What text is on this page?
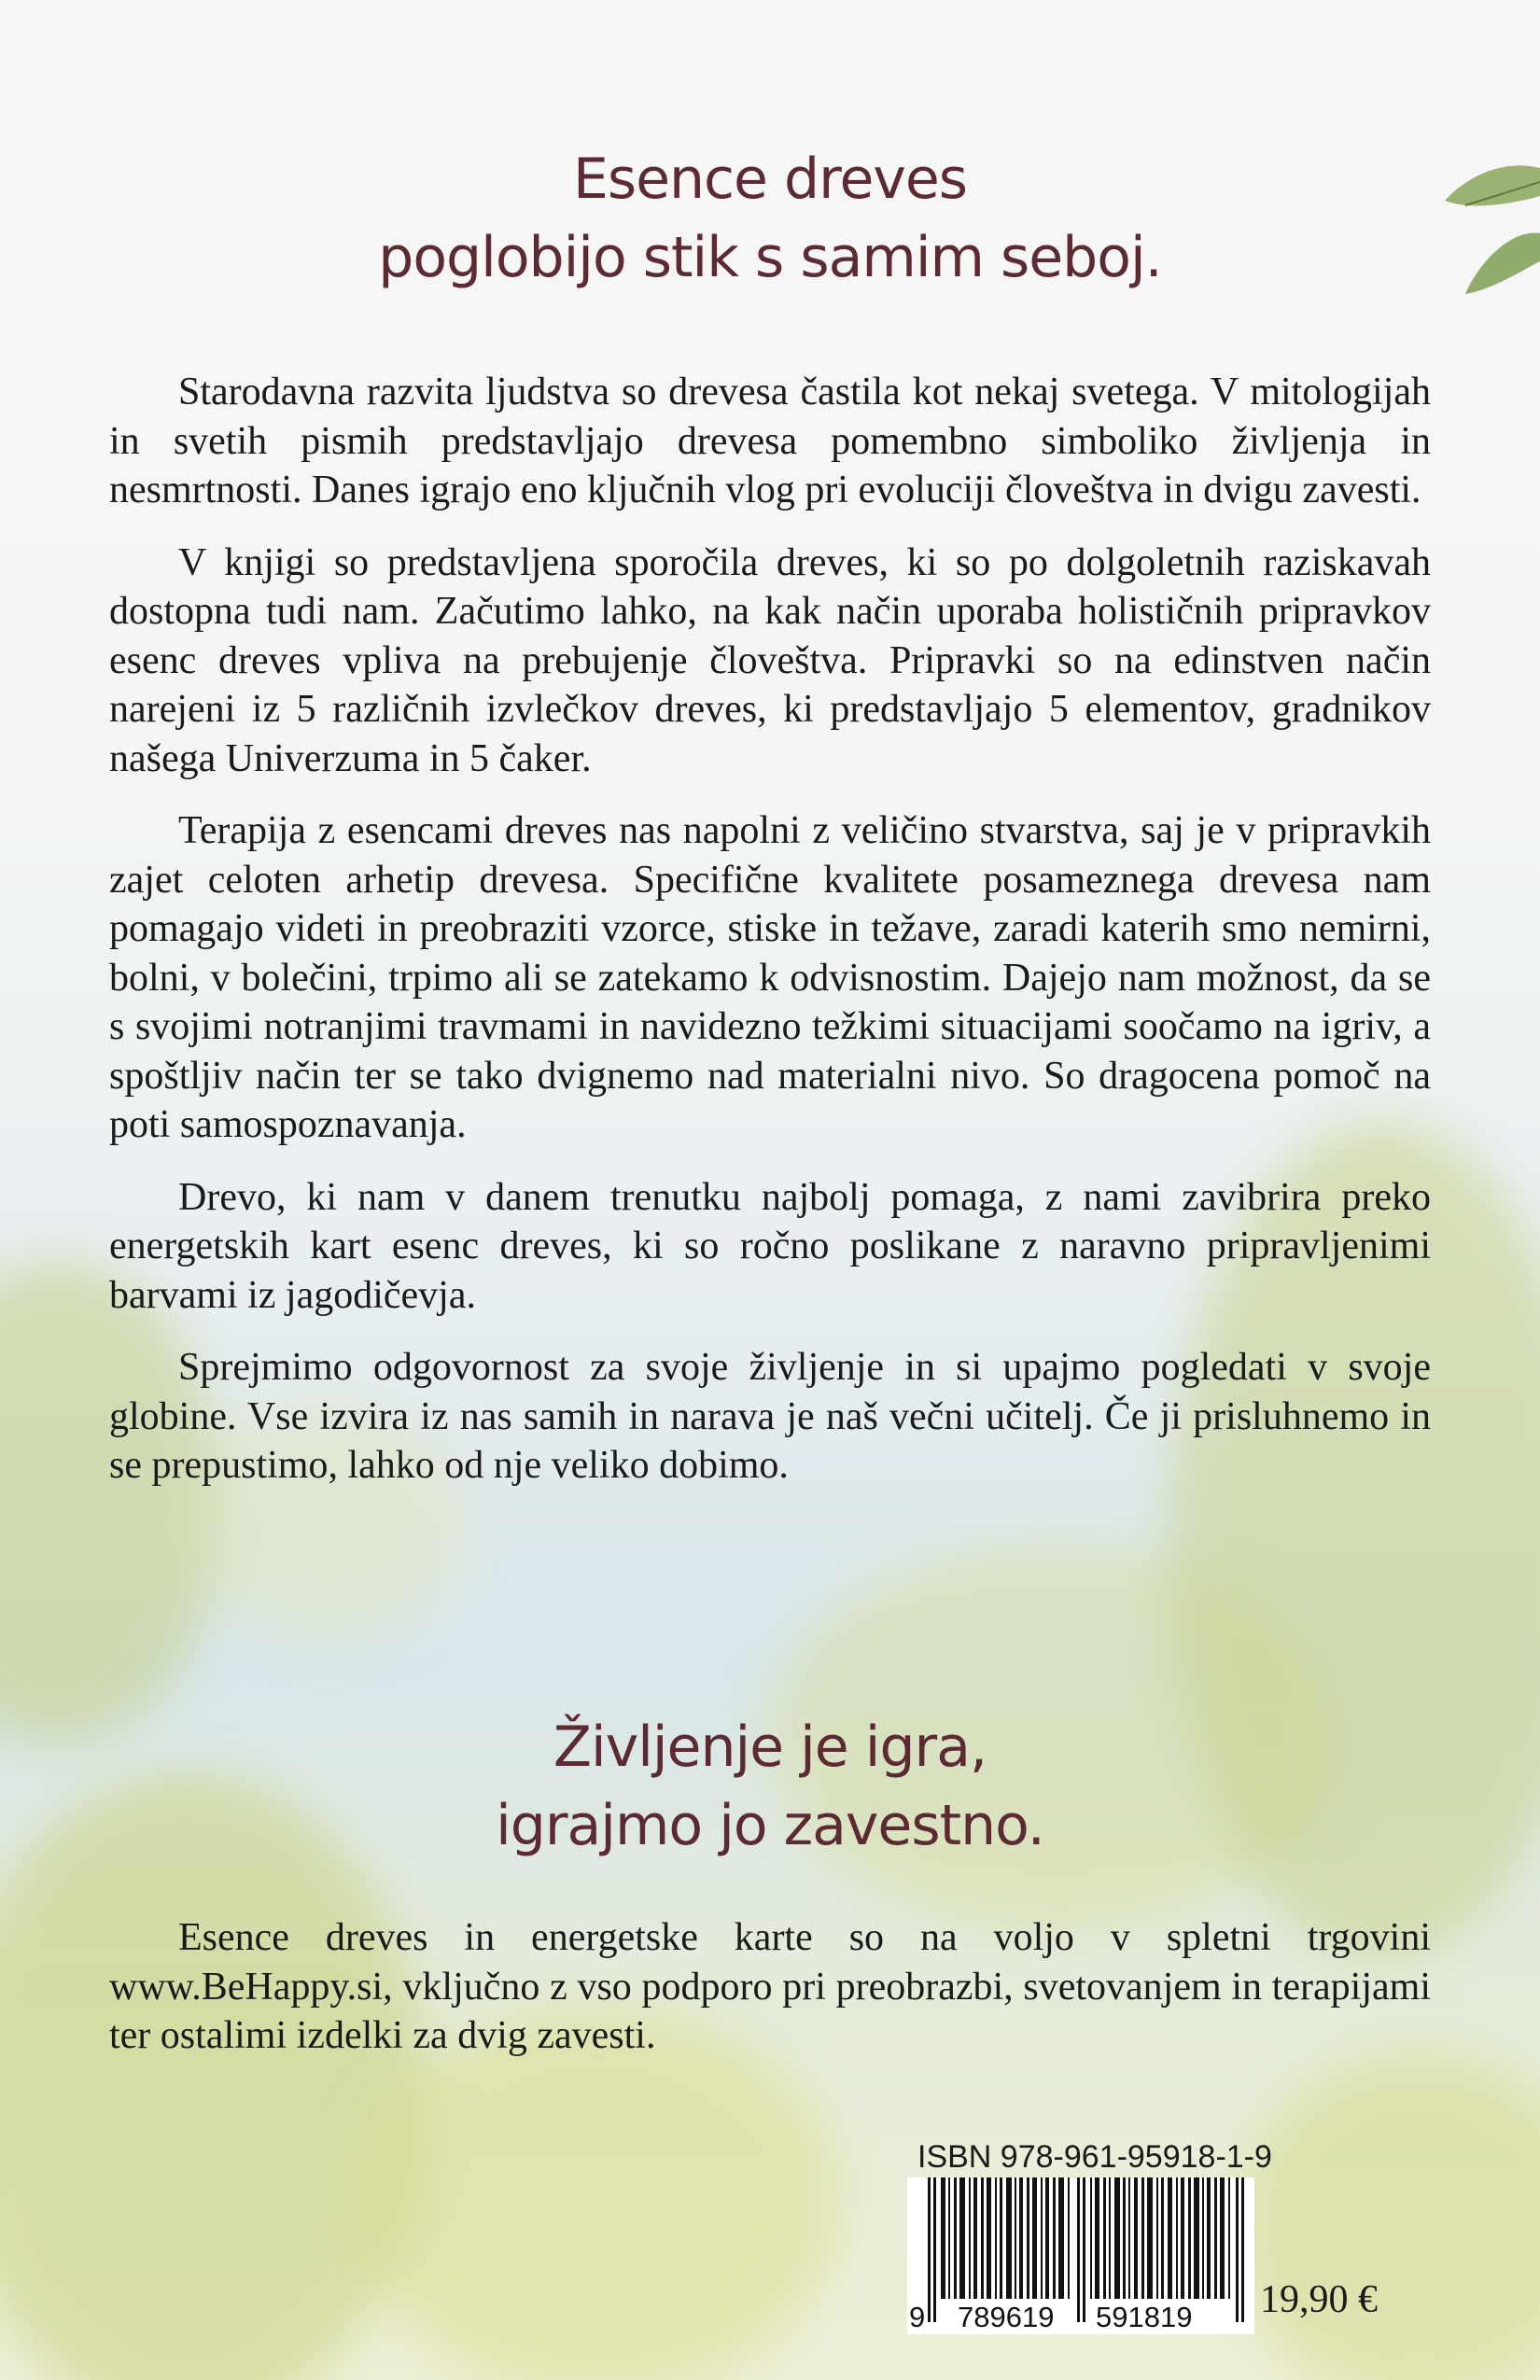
Esence dreves
poglobijo stik s samim seboj.

Starodavna razvita ljudstva so drevesa častila kot nekaj svetega. V mitologijah in svetih pismih predstavljajo drevesa pomembno simboliko življenja in nesmrtnosti. Danes igrajo eno ključnih vlog pri evoluciji človeštva in dvigu zavesti.

V knjigi so predstavljena sporočila dreves, ki so po dolgoletnih raziskavah dostopna tudi nam. Začutimo lahko, na kak način uporaba holističnih pripravkov esenc dreves vpliva na prebujenje človeštva. Pripravki so na edinstven način narejeni iz 5 različnih izvlečkov dreves, ki predstavljajo 5 elementov, gradnikov našega Univerzuma in 5 čaker.

Terapija z esencami dreves nas napolni z veličino stvarstva, saj je v pripravkih zajet celoten arhetip drevesa. Specifične kvalitete posameznega drevesa nam pomagajo videti in preobraziti vzorce, stiske in težave, zaradi katerih smo nemirni, bolni, v bolečini, trpimo ali se zatekamo k odvisnostim. Dajejo nam možnost, da se s svojimi notranjimi travmami in navidezno težkimi situacijami soočamo na igriv, a spoštljiv način ter se tako dvignemo nad materialni nivo. So dragocena pomoč na poti samospoznavanja.

Drevo, ki nam v danem trenutku najbolj pomaga, z nami zavibrira preko energetskih kart esenc dreves, ki so ročno poslikane z naravno pripravljenimi barvami iz jagodičevja.

Sprejmimo odgovornost za svoje življenje in si upajmo pogledati v svoje globine. Vse izvira iz nas samih in narava je naš večni učitelj. Če ji prisluhnemo in se prepustimo, lahko od nje veliko dobimo.

Življenje je igra,
igrajmo jo zavestno.
Esence dreves in energetske karte so na voljo v spletni trgovini www.BeHappy.si, vključno z vso podporo pri preobrazbi, svetovanjem in terapijami ter ostalimi izdelki za dvig zavesti.
ISBN 978-961-95918-1-9
9 789619 591819 19,90 €
